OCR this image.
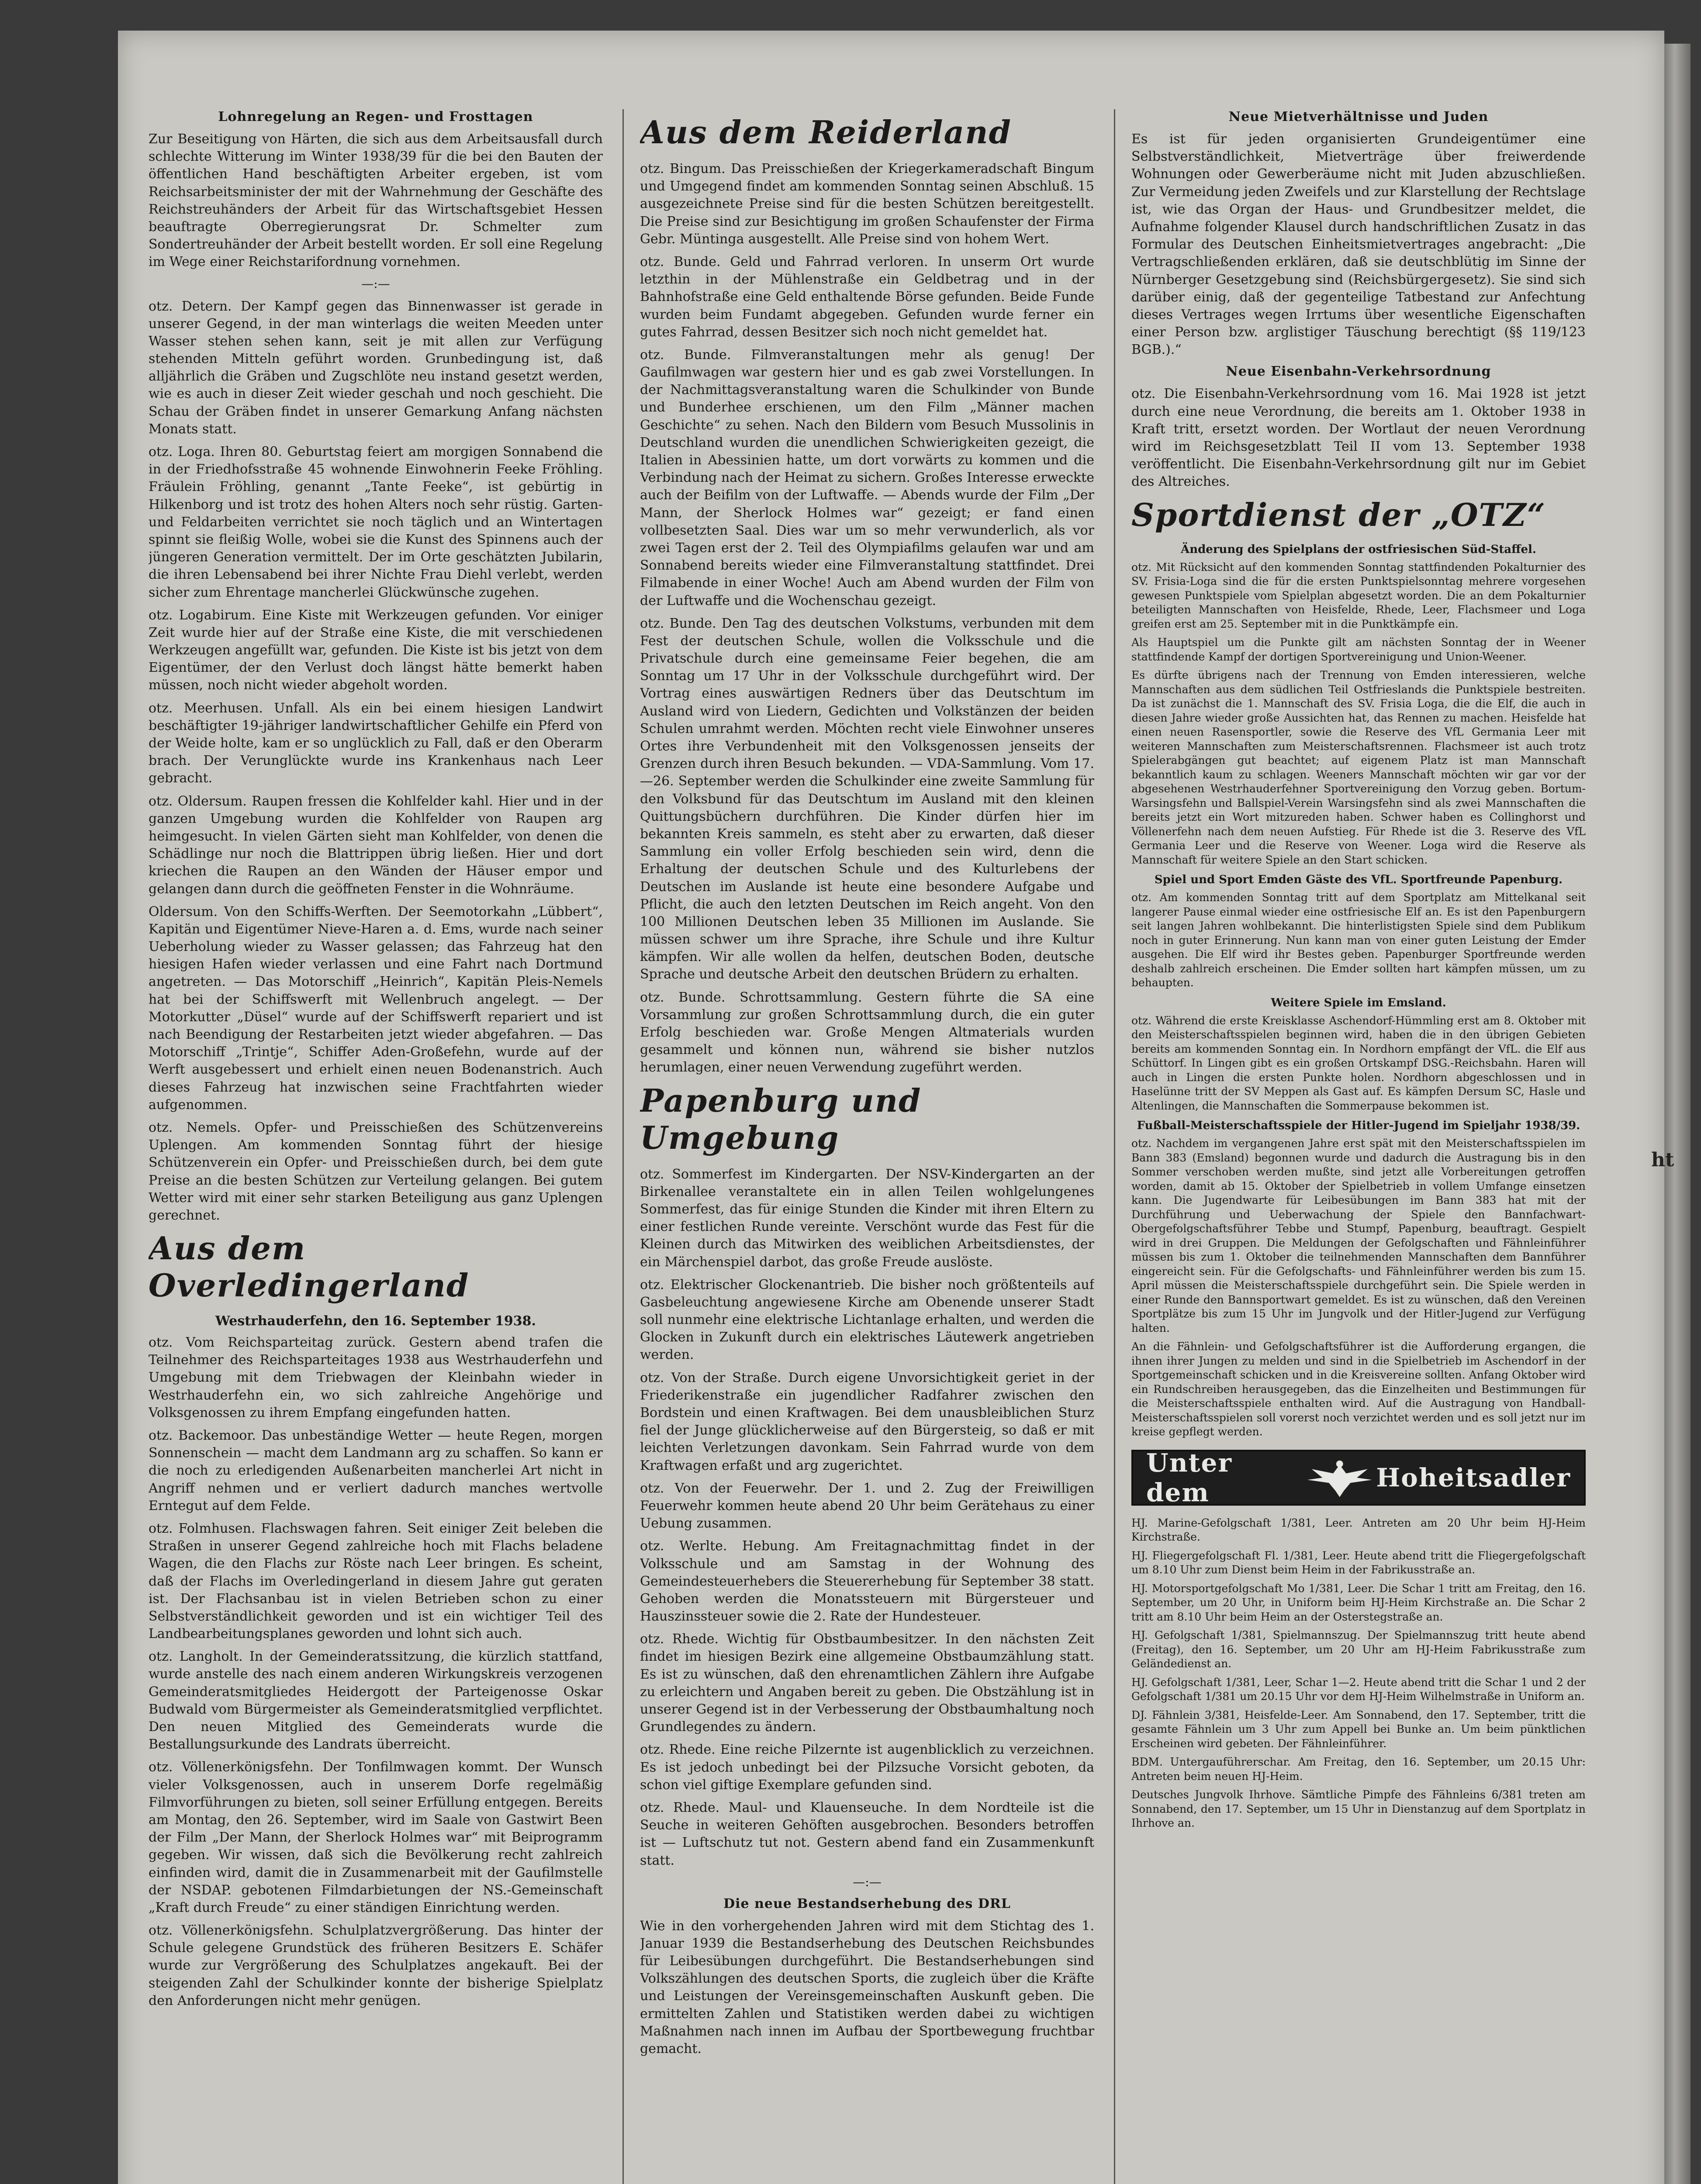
ht
Lohnregelung an Regen- und Frosttagen

Zur Beseitigung von Härten, die sich aus dem Arbeitsausfall durch schlechte Witterung im Winter 1938/39 für die bei den Bauten der öffentlichen Hand beschäftigten Arbeiter ergeben, ist vom Reichsarbeitsminister der mit der Wahrnehmung der Geschäfte des Reichstreuhänders der Arbeit für das Wirtschaftsgebiet Hessen beauftragte Oberregierungsrat Dr. Schmelter zum Sondertreuhänder der Arbeit bestellt worden. Er soll eine Regelung im Wege einer Reichstarifordnung vornehmen.

—:—

otz. Detern. Der Kampf gegen das Binnenwasser ist gerade in unserer Gegend, in der man winterlags die weiten Meeden unter Wasser stehen sehen kann, seit je mit allen zur Verfügung stehenden Mitteln geführt worden. Grunbedingung ist, daß alljährlich die Gräben und Zugschlöte neu instand gesetzt werden, wie es auch in dieser Zeit wieder geschah und noch geschieht. Die Schau der Gräben findet in unserer Gemarkung Anfang nächsten Monats statt.

otz. Loga. Ihren 80. Geburtstag feiert am morgigen Sonnabend die in der Friedhofsstraße 45 wohnende Einwohnerin Feeke Fröhling. Fräulein Fröhling, genannt „Tante Feeke“, ist gebürtig in Hilkenborg und ist trotz des hohen Alters noch sehr rüstig. Garten- und Feldarbeiten verrichtet sie noch täglich und an Wintertagen spinnt sie fleißig Wolle, wobei sie die Kunst des Spinnens auch der jüngeren Generation vermittelt. Der im Orte geschätzten Jubilarin, die ihren Lebensabend bei ihrer Nichte Frau Diehl verlebt, werden sicher zum Ehrentage mancherlei Glückwünsche zugehen.

otz. Logabirum. Eine Kiste mit Werkzeugen gefunden. Vor einiger Zeit wurde hier auf der Straße eine Kiste, die mit verschiedenen Werkzeugen angefüllt war, gefunden. Die Kiste ist bis jetzt von dem Eigentümer, der den Verlust doch längst hätte bemerkt haben müssen, noch nicht wieder abgeholt worden.

otz. Meerhusen. Unfall. Als ein bei einem hiesigen Landwirt beschäftigter 19-jähriger landwirtschaftlicher Gehilfe ein Pferd von der Weide holte, kam er so unglücklich zu Fall, daß er den Oberarm brach. Der Verunglückte wurde ins Krankenhaus nach Leer gebracht.

otz. Oldersum. Raupen fressen die Kohlfelder kahl. Hier und in der ganzen Umgebung wurden die Kohlfelder von Raupen arg heimgesucht. In vielen Gärten sieht man Kohlfelder, von denen die Schädlinge nur noch die Blattrippen übrig ließen. Hier und dort kriechen die Raupen an den Wänden der Häuser empor und gelangen dann durch die geöffneten Fenster in die Wohnräume.

Oldersum. Von den Schiffs-Werften. Der Seemotorkahn „Lübbert“, Kapitän und Eigentümer Nieve-Haren a. d. Ems, wurde nach seiner Ueberholung wieder zu Wasser gelassen; das Fahrzeug hat den hiesigen Hafen wieder verlassen und eine Fahrt nach Dortmund angetreten. — Das Motorschiff „Heinrich“, Kapitän Pleis-Nemels hat bei der Schiffswerft mit Wellenbruch angelegt. — Der Motorkutter „Düsel“ wurde auf der Schiffswerft repariert und ist nach Beendigung der Restarbeiten jetzt wieder abgefahren. — Das Motorschiff „Trintje“, Schiffer Aden-Großefehn, wurde auf der Werft ausgebessert und erhielt einen neuen Bodenanstrich. Auch dieses Fahrzeug hat inzwischen seine Frachtfahrten wieder aufgenommen.

otz. Nemels. Opfer- und Preisschießen des Schützenvereins Uplengen. Am kommenden Sonntag führt der hiesige Schützenverein ein Opfer- und Preisschießen durch, bei dem gute Preise an die besten Schützen zur Verteilung gelangen. Bei gutem Wetter wird mit einer sehr starken Beteiligung aus ganz Uplengen gerechnet.

Aus dem Overledingerland
Westrhauderfehn, den 16. September 1938.

otz. Vom Reichsparteitag zurück. Gestern abend trafen die Teilnehmer des Reichsparteitages 1938 aus Westrhauderfehn und Umgebung mit dem Triebwagen der Kleinbahn wieder in Westrhauderfehn ein, wo sich zahlreiche Angehörige und Volksgenossen zu ihrem Empfang eingefunden hatten.

otz. Backemoor. Das unbeständige Wetter — heute Regen, morgen Sonnenschein — macht dem Landmann arg zu schaffen. So kann er die noch zu erledigenden Außenarbeiten mancherlei Art nicht in Angriff nehmen und er verliert dadurch manches wertvolle Erntegut auf dem Felde.

otz. Folmhusen. Flachswagen fahren. Seit einiger Zeit beleben die Straßen in unserer Gegend zahlreiche hoch mit Flachs beladene Wagen, die den Flachs zur Röste nach Leer bringen. Es scheint, daß der Flachs im Overledingerland in diesem Jahre gut geraten ist. Der Flachsanbau ist in vielen Betrieben schon zu einer Selbstverständlichkeit geworden und ist ein wichtiger Teil des Landbearbeitungsplanes geworden und lohnt sich auch.

otz. Langholt. In der Gemeinderatssitzung, die kürzlich stattfand, wurde anstelle des nach einem anderen Wirkungskreis verzogenen Gemeinderatsmitgliedes Heidergott der Parteigenosse Oskar Budwald vom Bürgermeister als Gemeinderatsmitglied verpflichtet. Den neuen Mitglied des Gemeinderats wurde die Bestallungsurkunde des Landrats überreicht.

otz. Völlenerkönigsfehn. Der Tonfilmwagen kommt. Der Wunsch vieler Volksgenossen, auch in unserem Dorfe regelmäßig Filmvorführungen zu bieten, soll seiner Erfüllung entgegen. Bereits am Montag, den 26. September, wird im Saale von Gastwirt Been der Film „Der Mann, der Sherlock Holmes war“ mit Beiprogramm gegeben. Wir wissen, daß sich die Bevölkerung recht zahlreich einfinden wird, damit die in Zusammenarbeit mit der Gaufilmstelle der NSDAP. gebotenen Filmdarbietungen der NS.-Gemeinschaft „Kraft durch Freude“ zu einer ständigen Einrichtung werden.

otz. Völlenerkönigsfehn. Schulplatzvergrößerung. Das hinter der Schule gelegene Grundstück des früheren Besitzers E. Schäfer wurde zur Vergrößerung des Schulplatzes angekauft. Bei der steigenden Zahl der Schulkinder konnte der bisherige Spielplatz den Anforderungen nicht mehr genügen.

Aus dem Reiderland

otz. Bingum. Das Preisschießen der Kriegerkameradschaft Bingum und Umgegend findet am kommenden Sonntag seinen Abschluß. 15 ausgezeichnete Preise sind für die besten Schützen bereitgestellt. Die Preise sind zur Besichtigung im großen Schaufenster der Firma Gebr. Müntinga ausgestellt. Alle Preise sind von hohem Wert.

otz. Bunde. Geld und Fahrrad verloren. In unserm Ort wurde letzthin in der Mühlenstraße ein Geldbetrag und in der Bahnhofstraße eine Geld enthaltende Börse gefunden. Beide Funde wurden beim Fundamt abgegeben. Gefunden wurde ferner ein gutes Fahrrad, dessen Besitzer sich noch nicht gemeldet hat.

otz. Bunde. Filmveranstaltungen mehr als genug! Der Gaufilmwagen war gestern hier und es gab zwei Vorstellungen. In der Nachmittagsveranstaltung waren die Schulkinder von Bunde und Bunderhee erschienen, um den Film „Männer machen Geschichte“ zu sehen. Nach den Bildern vom Besuch Mussolinis in Deutschland wurden die unendlichen Schwierigkeiten gezeigt, die Italien in Abessinien hatte, um dort vorwärts zu kommen und die Verbindung nach der Heimat zu sichern. Großes Interesse erweckte auch der Beifilm von der Luftwaffe. — Abends wurde der Film „Der Mann, der Sherlock Holmes war“ gezeigt; er fand einen vollbesetzten Saal. Dies war um so mehr verwunderlich, als vor zwei Tagen erst der 2. Teil des Olympiafilms gelaufen war und am Sonnabend bereits wieder eine Filmveranstaltung stattfindet. Drei Filmabende in einer Woche! Auch am Abend wurden der Film von der Luftwaffe und die Wochenschau gezeigt.

otz. Bunde. Den Tag des deutschen Volkstums, verbunden mit dem Fest der deutschen Schule, wollen die Volksschule und die Privatschule durch eine gemeinsame Feier begehen, die am Sonntag um 17 Uhr in der Volksschule durchgeführt wird. Der Vortrag eines auswärtigen Redners über das Deutschtum im Ausland wird von Liedern, Gedichten und Volkstänzen der beiden Schulen umrahmt werden. Möchten recht viele Einwohner unseres Ortes ihre Verbundenheit mit den Volksgenossen jenseits der Grenzen durch ihren Besuch bekunden. — VDA-Sammlung. Vom 17.—26. September werden die Schulkinder eine zweite Sammlung für den Volksbund für das Deutschtum im Ausland mit den kleinen Quittungsbüchern durchführen. Die Kinder dürfen hier im bekannten Kreis sammeln, es steht aber zu erwarten, daß dieser Sammlung ein voller Erfolg beschieden sein wird, denn die Erhaltung der deutschen Schule und des Kulturlebens der Deutschen im Auslande ist heute eine besondere Aufgabe und Pflicht, die auch den letzten Deutschen im Reich angeht. Von den 100 Millionen Deutschen leben 35 Millionen im Auslande. Sie müssen schwer um ihre Sprache, ihre Schule und ihre Kultur kämpfen. Wir alle wollen da helfen, deutschen Boden, deutsche Sprache und deutsche Arbeit den deutschen Brüdern zu erhalten.

otz. Bunde. Schrottsammlung. Gestern führte die SA eine Vorsammlung zur großen Schrottsammlung durch, die ein guter Erfolg beschieden war. Große Mengen Altmaterials wurden gesammelt und können nun, während sie bisher nutzlos herumlagen, einer neuen Verwendung zugeführt werden.

Papenburg und Umgebung

otz. Sommerfest im Kindergarten. Der NSV-Kindergarten an der Birkenallee veranstaltete ein in allen Teilen wohlgelungenes Sommerfest, das für einige Stunden die Kinder mit ihren Eltern zu einer festlichen Runde vereinte. Verschönt wurde das Fest für die Kleinen durch das Mitwirken des weiblichen Arbeitsdienstes, der ein Märchenspiel darbot, das große Freude auslöste.

otz. Elektrischer Glockenantrieb. Die bisher noch größtenteils auf Gasbeleuchtung angewiesene Kirche am Obenende unserer Stadt soll nunmehr eine elektrische Lichtanlage erhalten, und werden die Glocken in Zukunft durch ein elektrisches Läutewerk angetrieben werden.

otz. Von der Straße. Durch eigene Unvorsichtigkeit geriet in der Friederikenstraße ein jugendlicher Radfahrer zwischen den Bordstein und einen Kraftwagen. Bei dem unausbleiblichen Sturz fiel der Junge glücklicherweise auf den Bürgersteig, so daß er mit leichten Verletzungen davonkam. Sein Fahrrad wurde von dem Kraftwagen erfaßt und arg zugerichtet.

otz. Von der Feuerwehr. Der 1. und 2. Zug der Freiwilligen Feuerwehr kommen heute abend 20 Uhr beim Gerätehaus zu einer Uebung zusammen.

otz. Werlte. Hebung. Am Freitagnachmittag findet in der Volksschule und am Samstag in der Wohnung des Gemeindesteuerhebers die Steuererhebung für September 38 statt. Gehoben werden die Monatssteuern mit Bürgersteuer und Hauszinssteuer sowie die 2. Rate der Hundesteuer.

otz. Rhede. Wichtig für Obstbaumbesitzer. In den nächsten Zeit findet im hiesigen Bezirk eine allgemeine Obstbaumzählung statt. Es ist zu wünschen, daß den ehrenamtlichen Zählern ihre Aufgabe zu erleichtern und Angaben bereit zu geben. Die Obstzählung ist in unserer Gegend ist in der Verbesserung der Obstbaumhaltung noch Grundlegendes zu ändern.

otz. Rhede. Eine reiche Pilzernte ist augenblicklich zu verzeichnen. Es ist jedoch unbedingt bei der Pilzsuche Vorsicht geboten, da schon viel giftige Exemplare gefunden sind.

otz. Rhede. Maul- und Klauenseuche. In dem Nordteile ist die Seuche in weiteren Gehöften ausgebrochen. Besonders betroffen ist — Luftschutz tut not. Gestern abend fand ein Zusammenkunft statt.

—:—
Die neue Bestandserhebung des DRL

Wie in den vorhergehenden Jahren wird mit dem Stichtag des 1. Januar 1939 die Bestandserhebung des Deutschen Reichsbundes für Leibesübungen durchgeführt. Die Bestandserhebungen sind Volkszählungen des deutschen Sports, die zugleich über die Kräfte und Leistungen der Vereinsgemeinschaften Auskunft geben. Die ermittelten Zahlen und Statistiken werden dabei zu wichtigen Maßnahmen nach innen im Aufbau der Sportbewegung fruchtbar gemacht.

Neue Mietverhältnisse und Juden

Es ist für jeden organisierten Grundeigentümer eine Selbstverständlichkeit, Mietverträge über freiwerdende Wohnungen oder Gewerberäume nicht mit Juden abzuschließen. Zur Vermeidung jeden Zweifels und zur Klarstellung der Rechtslage ist, wie das Organ der Haus- und Grundbesitzer meldet, die Aufnahme folgender Klausel durch handschriftlichen Zusatz in das Formular des Deutschen Einheitsmietvertrages angebracht: „Die Vertragschließenden erklären, daß sie deutschblütig im Sinne der Nürnberger Gesetzgebung sind (Reichsbürgergesetz). Sie sind sich darüber einig, daß der gegenteilige Tatbestand zur Anfechtung dieses Vertrages wegen Irrtums über wesentliche Eigenschaften einer Person bzw. arglistiger Täuschung berechtigt (§§ 119/123 BGB.).“

Neue Eisenbahn-Verkehrsordnung

otz. Die Eisenbahn-Verkehrsordnung vom 16. Mai 1928 ist jetzt durch eine neue Verordnung, die bereits am 1. Oktober 1938 in Kraft tritt, ersetzt worden. Der Wortlaut der neuen Verordnung wird im Reichsgesetzblatt Teil II vom 13. September 1938 veröffentlicht. Die Eisenbahn-Verkehrsordnung gilt nur im Gebiet des Altreiches.

Sportdienst der „OTZ“
Änderung des Spielplans der ostfriesischen Süd-Staffel.

otz. Mit Rücksicht auf den kommenden Sonntag stattfindenden Pokalturnier des SV. Frisia-Loga sind die für die ersten Punktspielsonntag mehrere vorgesehen gewesen Punktspiele vom Spielplan abgesetzt worden. Die an dem Pokalturnier beteiligten Mannschaften von Heisfelde, Rhede, Leer, Flachsmeer und Loga greifen erst am 25. September mit in die Punktkämpfe ein.

Als Hauptspiel um die Punkte gilt am nächsten Sonntag der in Weener stattfindende Kampf der dortigen Sportvereinigung und Union-Weener.

Es dürfte übrigens nach der Trennung von Emden interessieren, welche Mannschaften aus dem südlichen Teil Ostfrieslands die Punktspiele bestreiten. Da ist zunächst die 1. Mannschaft des SV. Frisia Loga, die die Elf, die auch in diesen Jahre wieder große Aussichten hat, das Rennen zu machen. Heisfelde hat einen neuen Rasensportler, sowie die Reserve des VfL Germania Leer mit weiteren Mannschaften zum Meisterschaftsrennen. Flachsmeer ist auch trotz Spielerabgängen gut beachtet; auf eigenem Platz ist man Mannschaft bekanntlich kaum zu schlagen. Weeners Mannschaft möchten wir gar vor der abgesehenen Westrhauderfehner Sportvereinigung den Vorzug geben. Bortum-Warsingsfehn und Ballspiel-Verein Warsingsfehn sind als zwei Mannschaften die bereits jetzt ein Wort mitzureden haben. Schwer haben es Collinghorst und Völlenerfehn nach dem neuen Aufstieg. Für Rhede ist die 3. Reserve des VfL Germania Leer und die Reserve von Weener. Loga wird die Reserve als Mannschaft für weitere Spiele an den Start schicken.

Spiel und Sport Emden Gäste des VfL. Sportfreunde Papenburg.

otz. Am kommenden Sonntag tritt auf dem Sportplatz am Mittelkanal seit langerer Pause einmal wieder eine ostfriesische Elf an. Es ist den Papenburgern seit langen Jahren wohlbekannt. Die hinterlistigsten Spiele sind dem Publikum noch in guter Erinnerung. Nun kann man von einer guten Leistung der Emder ausgehen. Die Elf wird ihr Bestes geben. Papenburger Sportfreunde werden deshalb zahlreich erscheinen. Die Emder sollten hart kämpfen müssen, um zu behaupten.

Weitere Spiele im Emsland.

otz. Während die erste Kreisklasse Aschendorf-Hümmling erst am 8. Oktober mit den Meisterschaftsspielen beginnen wird, haben die in den übrigen Gebieten bereits am kommenden Sonntag ein. In Nordhorn empfängt der VfL. die Elf aus Schüttorf. In Lingen gibt es ein großen Ortskampf DSG.-Reichsbahn. Haren will auch in Lingen die ersten Punkte holen. Nordhorn abgeschlossen und in Haselünne tritt der SV Meppen als Gast auf. Es kämpfen Dersum SC, Hasle und Altenlingen, die Mannschaften die Sommerpause bekommen ist.

Fußball-Meisterschaftsspiele der Hitler-Jugend im Spieljahr 1938/39.

otz. Nachdem im vergangenen Jahre erst spät mit den Meisterschaftsspielen im Bann 383 (Emsland) begonnen wurde und dadurch die Austragung bis in den Sommer verschoben werden mußte, sind jetzt alle Vorbereitungen getroffen worden, damit ab 15. Oktober der Spielbetrieb in vollem Umfange einsetzen kann. Die Jugendwarte für Leibesübungen im Bann 383 hat mit der Durchführung und Ueberwachung der Spiele den Bannfachwart-Obergefolgschaftsführer Tebbe und Stumpf, Papenburg, beauftragt. Gespielt wird in drei Gruppen. Die Meldungen der Gefolgschaften und Fähnleinführer müssen bis zum 1. Oktober die teilnehmenden Mannschaften dem Bannführer eingereicht sein. Für die Gefolgschafts- und Fähnleinführer werden bis zum 15. April müssen die Meisterschaftsspiele durchgeführt sein. Die Spiele werden in einer Runde den Bannsportwart gemeldet. Es ist zu wünschen, daß den Vereinen Sportplätze bis zum 15 Uhr im Jungvolk und der Hitler-Jugend zur Verfügung halten.

An die Fähnlein- und Gefolgschaftsführer ist die Aufforderung ergangen, die ihnen ihrer Jungen zu melden und sind in die Spielbetrieb im Aschendorf in der Sportgemeinschaft schicken und in die Kreisvereine sollten. Anfang Oktober wird ein Rundschreiben herausgegeben, das die Einzelheiten und Bestimmungen für die Meisterschaftsspiele enthalten wird. Auf die Austragung von Handball-Meisterschaftsspielen soll vorerst noch verzichtet werden und es soll jetzt nur im kreise gepflegt werden.

Unter dem	Hoheitsadler

HJ. Marine-Gefolgschaft 1/381, Leer. Antreten am 20 Uhr beim HJ-Heim Kirchstraße.

HJ. Fliegergefolgschaft Fl. 1/381, Leer. Heute abend tritt die Fliegergefolgschaft um 8.10 Uhr zum Dienst beim Heim in der Fabrikusstraße an.

HJ. Motorsportgefolgschaft Mo 1/381, Leer. Die Schar 1 tritt am Freitag, den 16. September, um 20 Uhr, in Uniform beim HJ-Heim Kirchstraße an. Die Schar 2 tritt am 8.10 Uhr beim Heim an der Osterstegstraße an.

HJ. Gefolgschaft 1/381, Spielmannszug. Der Spielmannszug tritt heute abend (Freitag), den 16. September, um 20 Uhr am HJ-Heim Fabrikusstraße zum Geländedienst an.

HJ. Gefolgschaft 1/381, Leer, Schar 1—2. Heute abend tritt die Schar 1 und 2 der Gefolgschaft 1/381 um 20.15 Uhr vor dem HJ-Heim Wilhelmstraße in Uniform an.

DJ. Fähnlein 3/381, Heisfelde-Leer. Am Sonnabend, den 17. September, tritt die gesamte Fähnlein um 3 Uhr zum Appell bei Bunke an. Um beim pünktlichen Erscheinen wird gebeten. Der Fähnleinführer.

BDM. Untergauführerschar. Am Freitag, den 16. September, um 20.15 Uhr: Antreten beim neuen HJ-Heim.

Deutsches Jungvolk Ihrhove. Sämtliche Pimpfe des Fähnleins 6/381 treten am Sonnabend, den 17. September, um 15 Uhr in Dienstanzug auf dem Sportplatz in Ihrhove an.
